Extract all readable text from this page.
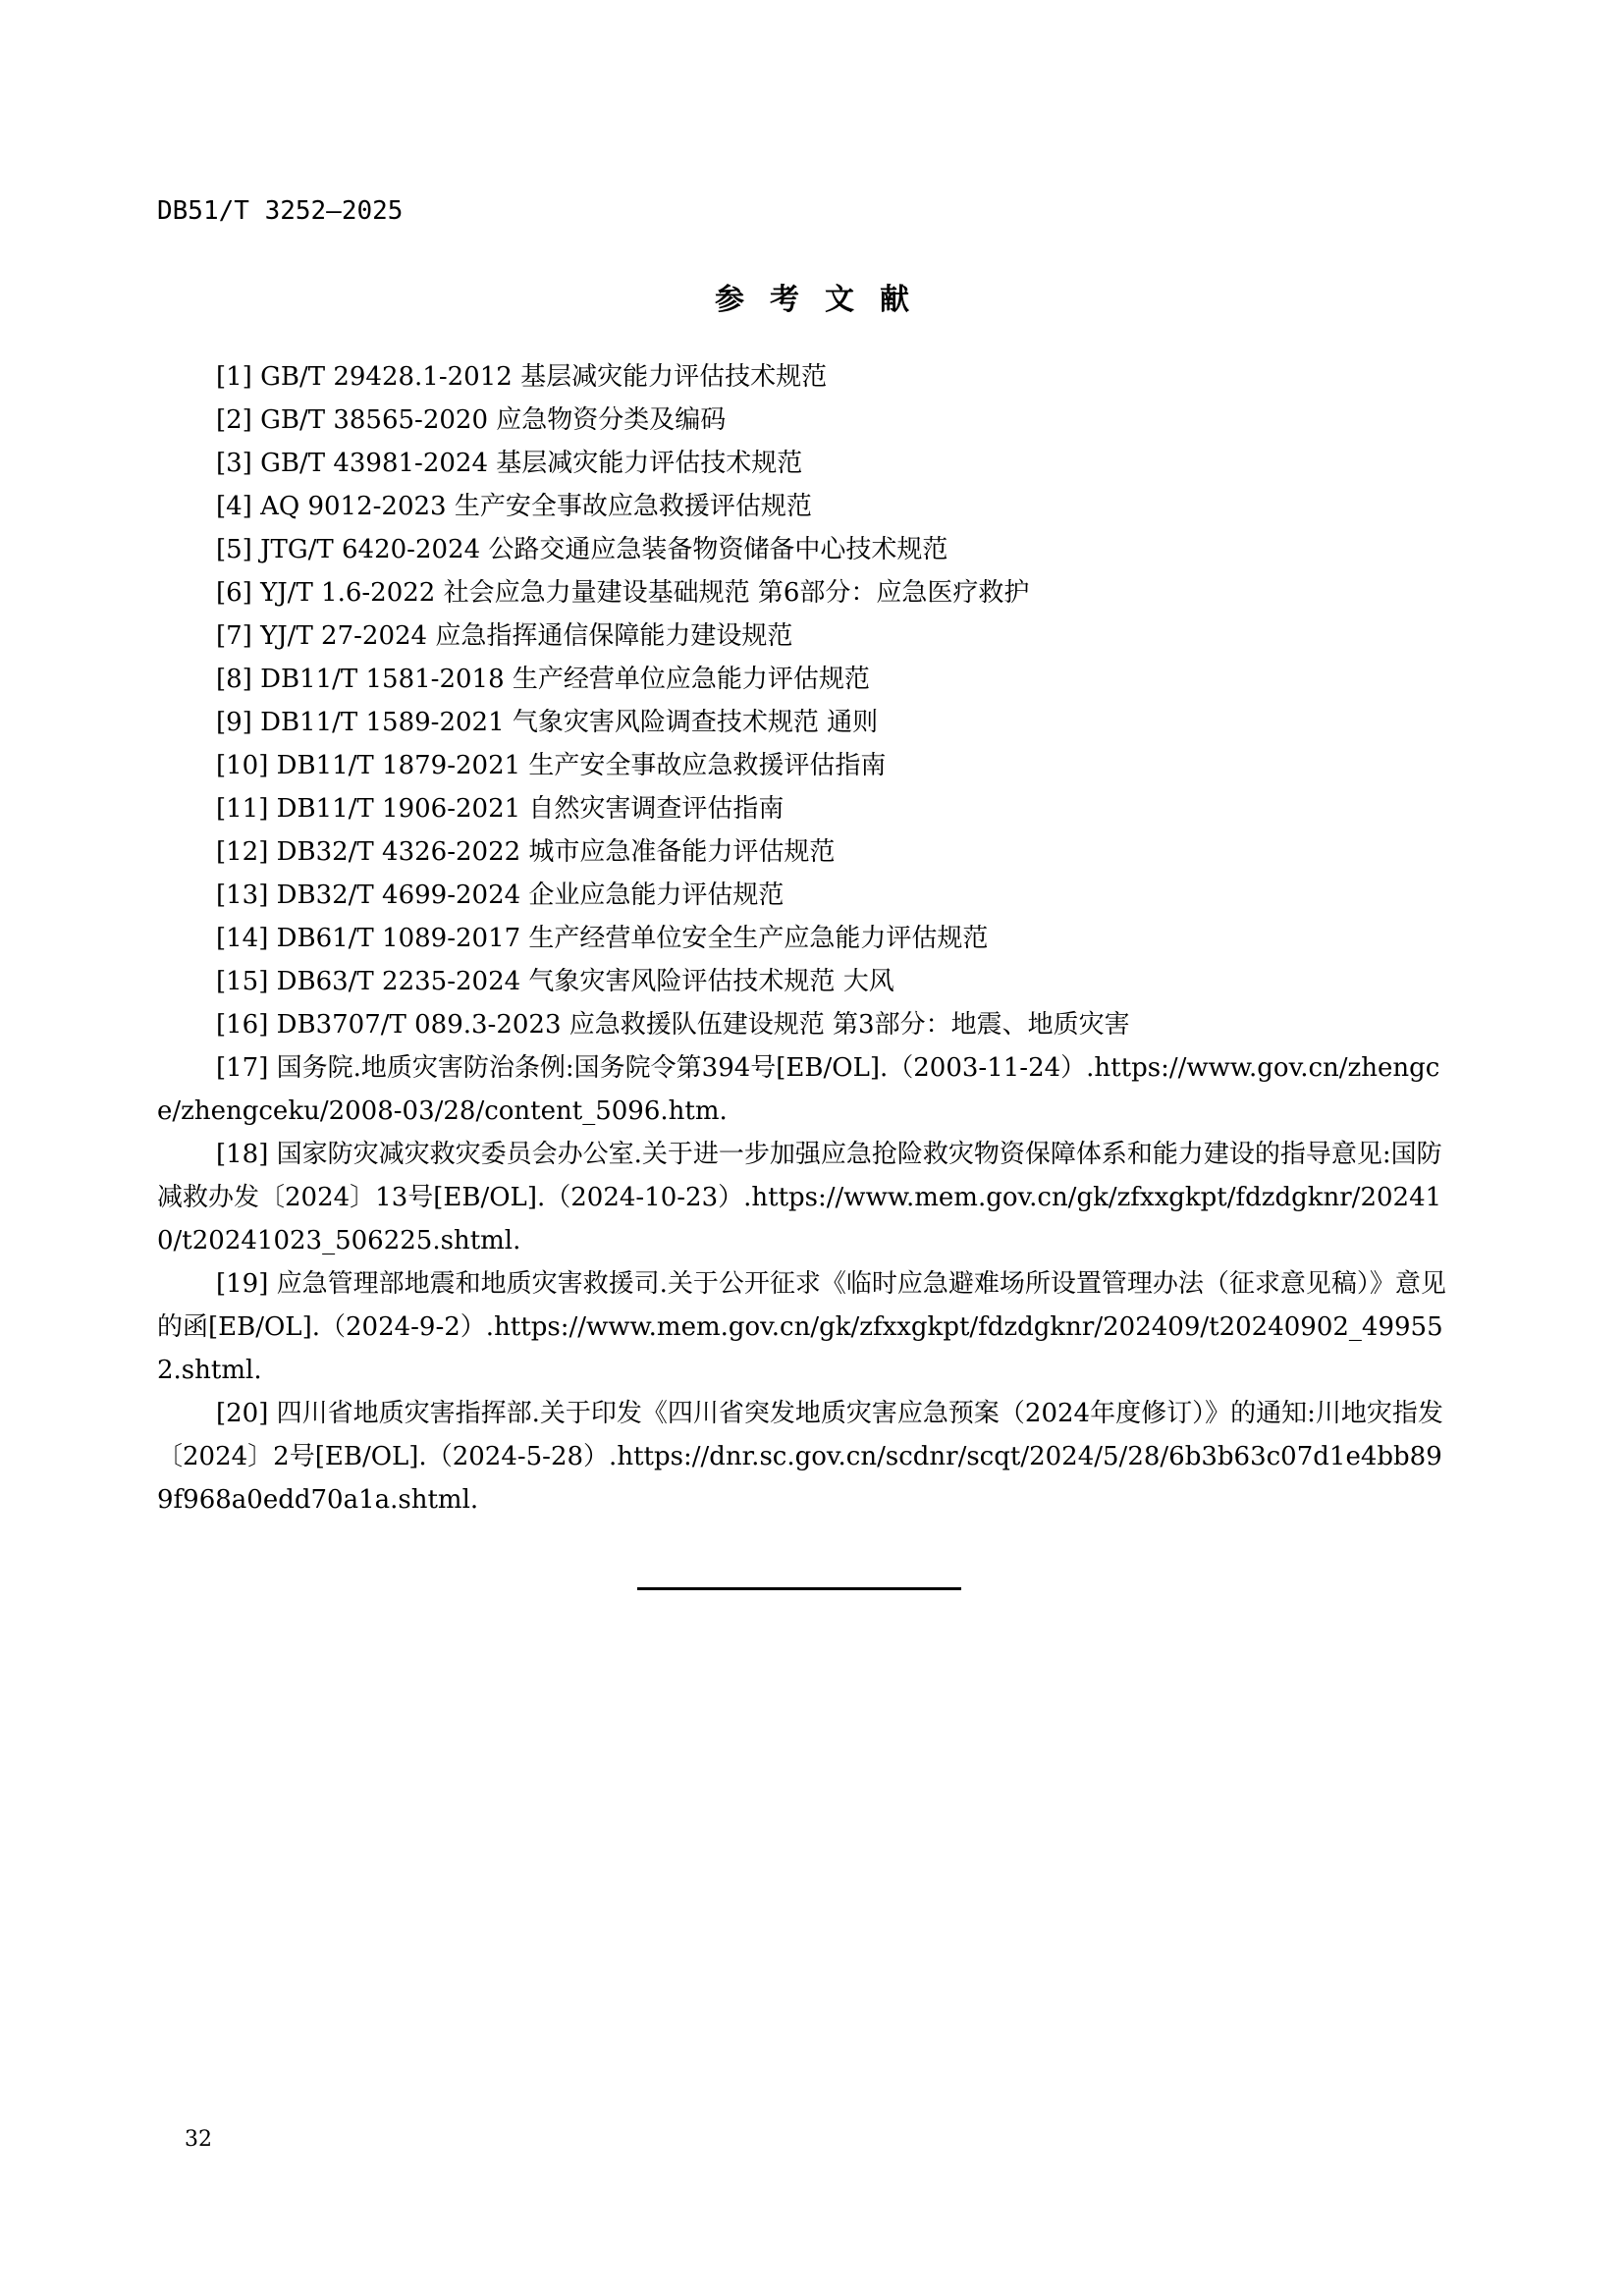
DB51/T 3252—2025
参考文献
[1] GB/T 29428.1-2012 基层减灾能力评估技术规范
[2] GB/T 38565-2020 应急物资分类及编码
[3] GB/T 43981-2024 基层减灾能力评估技术规范
[4] AQ 9012-2023 生产安全事故应急救援评估规范
[5] JTG/T 6420-2024 公路交通应急装备物资储备中心技术规范
[6] YJ/T 1.6-2022 社会应急力量建设基础规范 第6部分：应急医疗救护
[7] YJ/T 27-2024 应急指挥通信保障能力建设规范
[8] DB11/T 1581-2018 生产经营单位应急能力评估规范
[9] DB11/T 1589-2021 气象灾害风险调查技术规范 通则
[10] DB11/T 1879-2021 生产安全事故应急救援评估指南
[11] DB11/T 1906-2021 自然灾害调查评估指南
[12] DB32/T 4326-2022 城市应急准备能力评估规范
[13] DB32/T 4699-2024 企业应急能力评估规范
[14] DB61/T 1089-2017 生产经营单位安全生产应急能力评估规范
[15] DB63/T 2235-2024 气象灾害风险评估技术规范 大风
[16] DB3707/T 089.3-2023 应急救援队伍建设规范 第3部分：地震、地质灾害
[17] 国务院.地质灾害防治条例:国务院令第394号[EB/OL].（2003-11-24）.https://www.gov.cn/zhengce/zhengceku/2008-03/28/content_5096.htm.
[18] 国家防灾减灾救灾委员会办公室.关于进一步加强应急抢险救灾物资保障体系和能力建设的指导意见:国防减救办发〔2024〕13号[EB/OL].（2024-10-23）.https://www.mem.gov.cn/gk/zfxxgkpt/fdzdgknr/202410/t20241023_506225.shtml.
[19] 应急管理部地震和地质灾害救援司.关于公开征求《临时应急避难场所设置管理办法（征求意见稿）》意见的函[EB/OL].（2024-9-2）.https://www.mem.gov.cn/gk/zfxxgkpt/fdzdgknr/202409/t20240902_499552.shtml.
[20] 四川省地质灾害指挥部.关于印发《四川省突发地质灾害应急预案（2024年度修订）》的通知:川地灾指发〔2024〕2号[EB/OL].（2024-5-28）.https://dnr.sc.gov.cn/scdnr/scqt/2024/5/28/6b3b63c07d1e4bb899f968a0edd70a1a.shtml.
32
